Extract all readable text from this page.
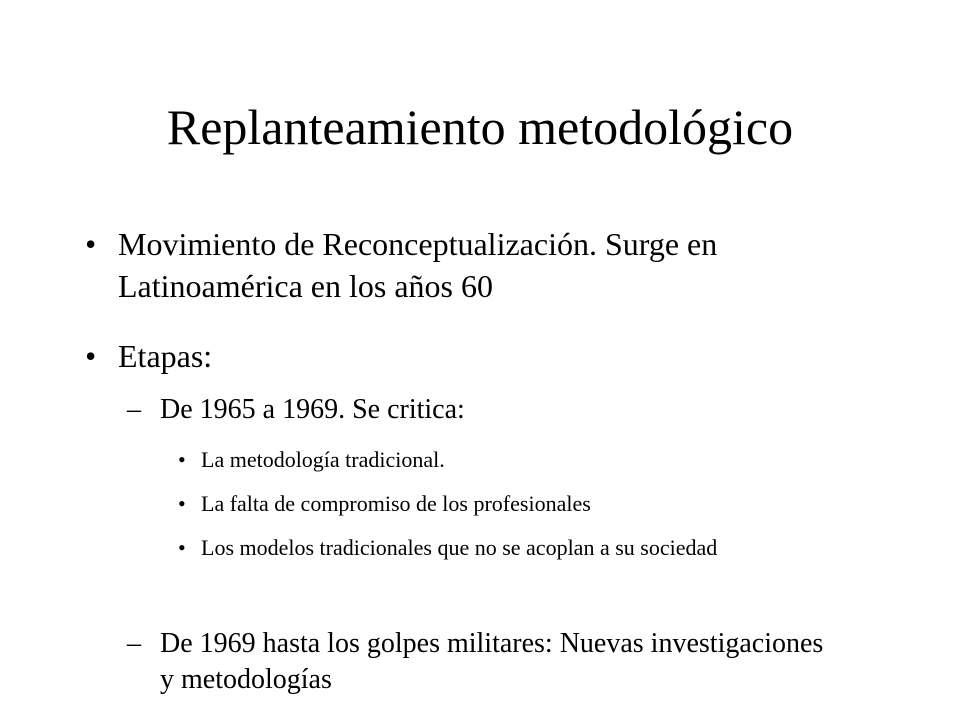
Replanteamiento metodológico
• Movimiento de Reconceptualización. Surge en Latinoamérica en los años 60
• Etapas:
– De 1965 a 1969. Se critica:
• La metodología tradicional.
• La falta de compromiso de los profesionales
• Los modelos tradicionales que no se acoplan a su sociedad
– De 1969 hasta los golpes militares: Nuevas investigaciones y metodologías
